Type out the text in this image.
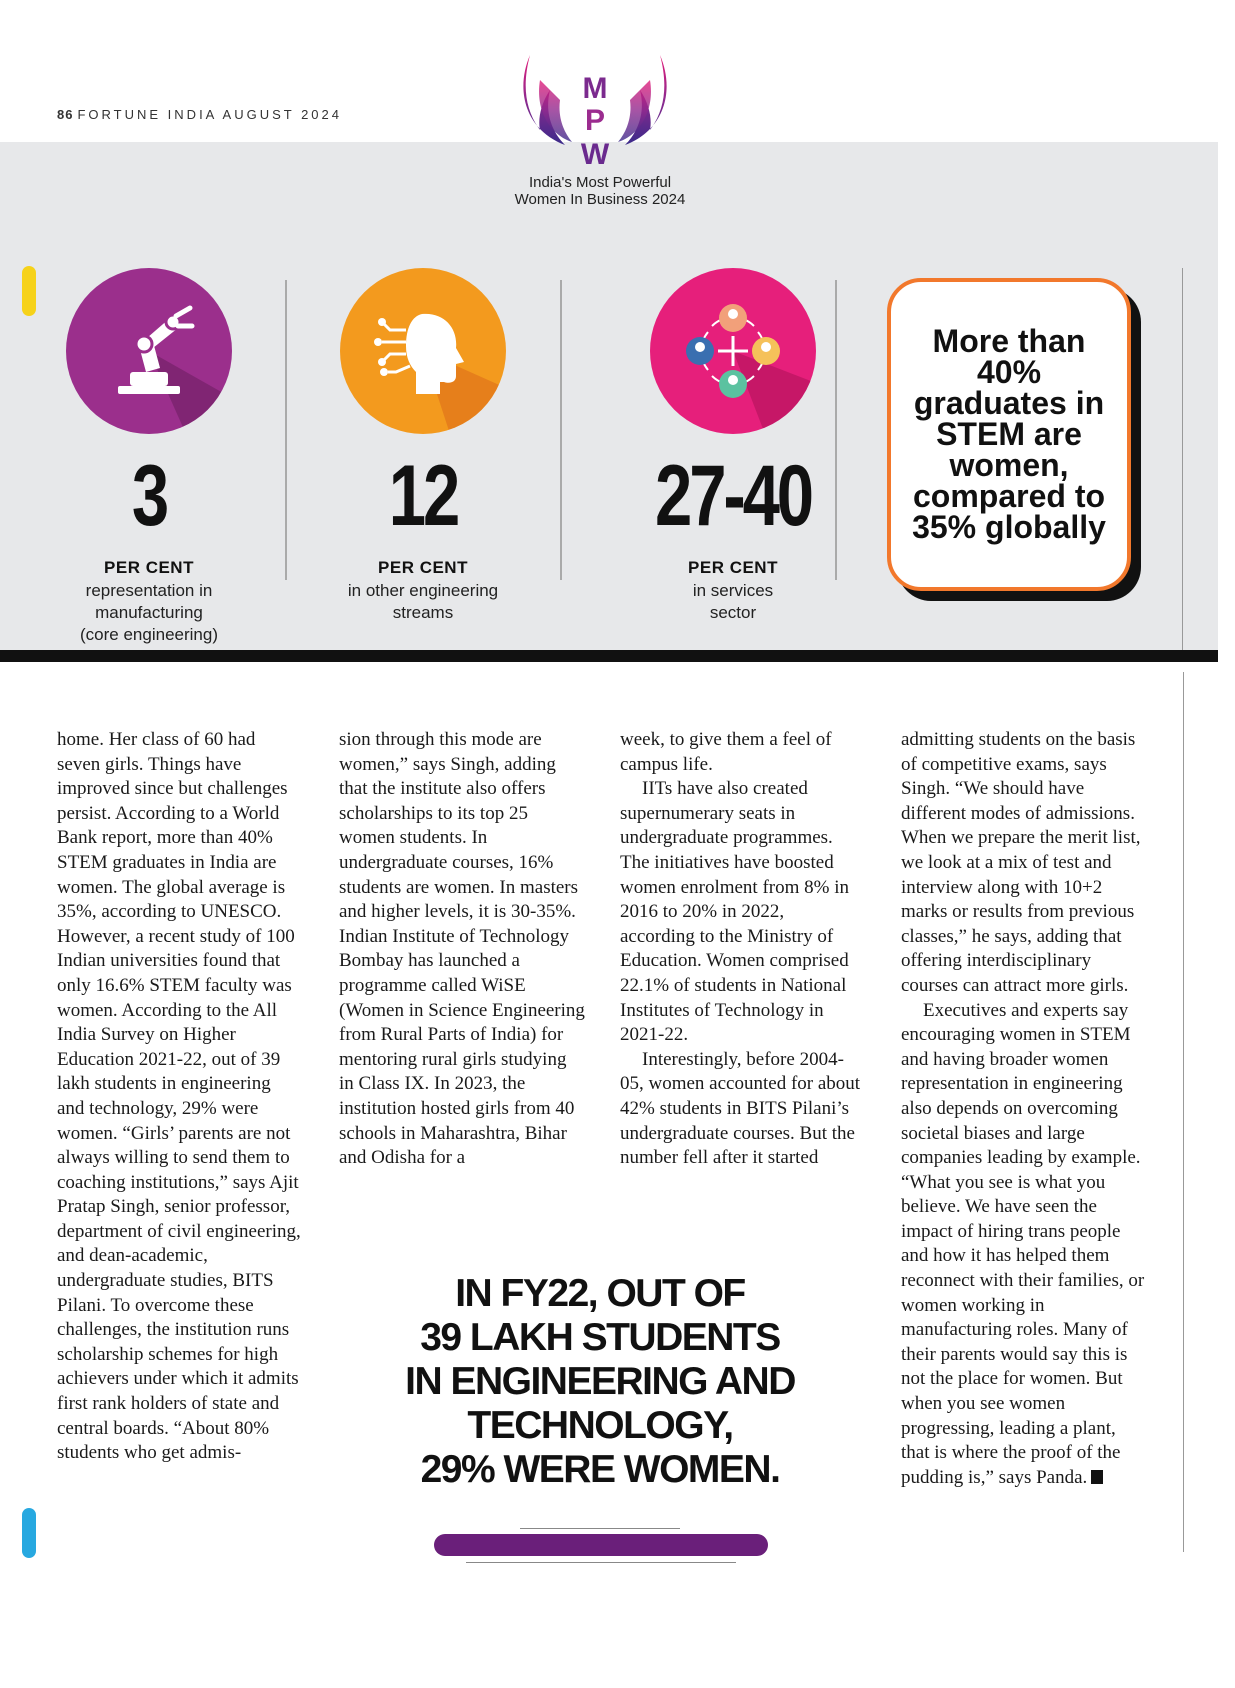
86 FORTUNE INDIA AUGUST 2024
M
P
W
India's Most Powerful
Women In Business 2024
3
PER CENT
representation in
manufacturing
(core engineering)
12
PER CENT
in other engineering
streams
27-40
PER CENT
in services
sector
More than 40% graduates in STEM are women, compared to 35% globally

home. Her class of 60 had seven girls. Things have improved since but challenges persist. According to a World Bank report, more than 40% STEM graduates in India are women. The global average is 35%, according to UNESCO. However, a recent study of 100 Indian universities found that only 16.6% STEM faculty was women. According to the All India Survey on Higher Education 2021-22, out of 39 lakh students in engineering and technology, 29% were women. “Girls’ parents are not always willing to send them to coaching institutions,” says Ajit Pratap Singh, senior professor, department of civil engineering, and dean-academic, undergraduate studies, BITS Pilani. To overcome these challenges, the institution runs scholarship schemes for high achievers under which it admits first rank holders of state and central boards. “About 80% students who get admis-

sion through this mode are women,” says Singh, adding that the institute also offers scholarships to its top 25 women students. In undergraduate courses, 16% students are women. In masters and higher levels, it is 30-35%. Indian Institute of Technology Bombay has launched a programme called WiSE (Women in Science Engineering from Rural Parts of India) for mentoring rural girls studying in Class IX. In 2023, the institution hosted girls from 40 schools in Maharashtra, Bihar and Odisha for a

week, to give them a feel of campus life.

IITs have also created supernumerary seats in undergraduate programmes. The initiatives have boosted women enrolment from 8% in 2016 to 20% in 2022, according to the Ministry of Education. Women comprised 22.1% of students in National Institutes of Technology in 2021-22.

Interestingly, before 2004-05, women accounted for about 42% students in BITS Pilani’s undergraduate courses. But the number fell after it started

admitting students on the basis of competitive exams, says Singh. “We should have different modes of admissions. When we prepare the merit list, we look at a mix of test and interview along with 10+2 marks or results from previous classes,” he says, adding that offering interdisciplinary courses can attract more girls.

Executives and experts say encouraging women in STEM and having broader women representation in engineering also depends on overcoming societal biases and large companies leading by example. “What you see is what you believe. We have seen the impact of hiring trans people and how it has helped them reconnect with their families, or women working in manufacturing roles. Many of their parents would say this is not the place for women. But when you see women progressing, leading a plant, that is where the proof of the pudding is,” says Panda.

IN FY22, OUT OF
39 LAKH STUDENTS
IN ENGINEERING AND
TECHNOLOGY,
29% WERE WOMEN.
